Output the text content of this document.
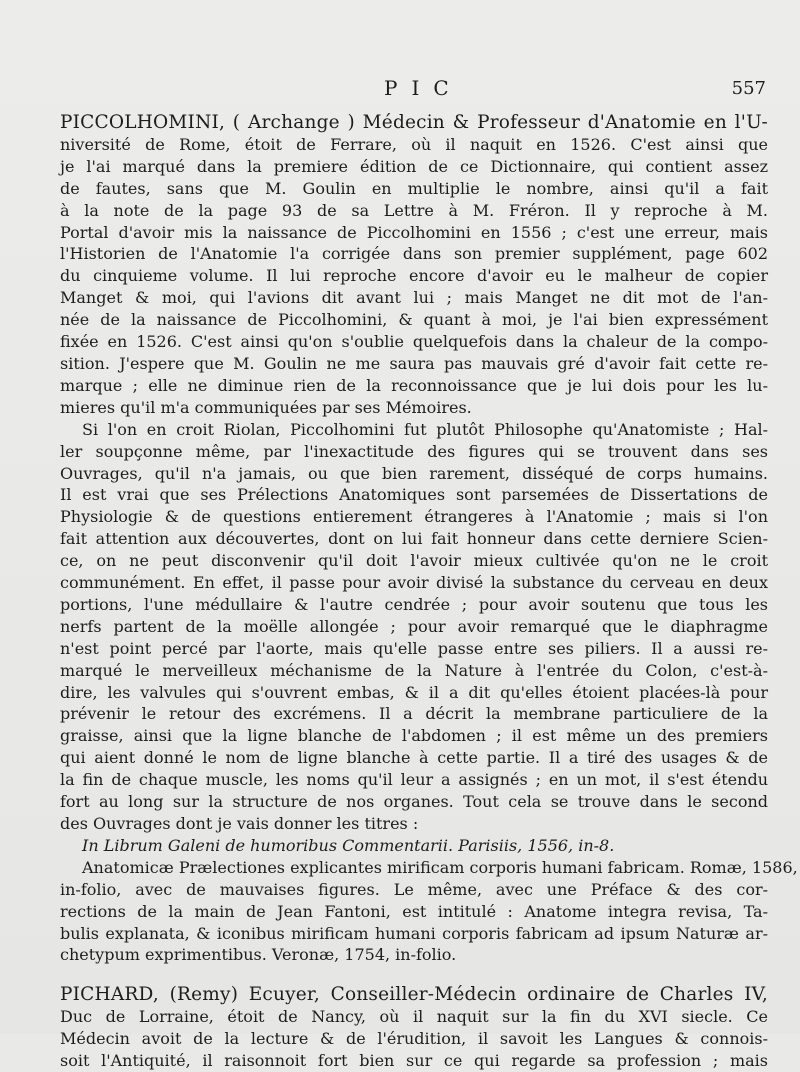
PIC	557
PICCOLHOMINI, ( Archange ) Médecin & Professeur d'Anatomie en l'U-
niversité de Rome, étoit de Ferrare, où il naquit en 1526. C'est ainsi que
je l'ai marqué dans la premiere édition de ce Dictionnaire, qui contient assez
de fautes, sans que M. Goulin en multiplie le nombre, ainsi qu'il a fait
à la note de la page 93 de sa Lettre à M. Fréron. Il y reproche à M.
Portal d'avoir mis la naissance de Piccolhomini en 1556 ; c'est une erreur, mais
l'Historien de l'Anatomie l'a corrigée dans son premier supplément, page 602
du cinquieme volume. Il lui reproche encore d'avoir eu le malheur de copier
Manget & moi, qui l'avions dit avant lui ; mais Manget ne dit mot de l'an-
née de la naissance de Piccolhomini, & quant à moi, je l'ai bien expressément
fixée en 1526. C'est ainsi qu'on s'oublie quelquefois dans la chaleur de la compo-
sition. J'espere que M. Goulin ne me saura pas mauvais gré d'avoir fait cette re-
marque ; elle ne diminue rien de la reconnoissance que je lui dois pour les lu-
mieres qu'il m'a communiquées par ses Mémoires.
Si l'on en croit Riolan, Piccolhomini fut plutôt Philosophe qu'Anatomiste ; Hal-
ler soupçonne même, par l'inexactitude des figures qui se trouvent dans ses
Ouvrages, qu'il n'a jamais, ou que bien rarement, disséqué de corps humains.
Il est vrai que ses Prélections Anatomiques sont parsemées de Dissertations de
Physiologie & de questions entierement étrangeres à l'Anatomie ; mais si l'on
fait attention aux découvertes, dont on lui fait honneur dans cette derniere Scien-
ce, on ne peut disconvenir qu'il doit l'avoir mieux cultivée qu'on ne le croit
communément. En effet, il passe pour avoir divisé la substance du cerveau en deux
portions, l'une médullaire & l'autre cendrée ; pour avoir soutenu que tous les
nerfs partent de la moëlle allongée ; pour avoir remarqué que le diaphragme
n'est point percé par l'aorte, mais qu'elle passe entre ses piliers. Il a aussi re-
marqué le merveilleux méchanisme de la Nature à l'entrée du Colon, c'est-à-
dire, les valvules qui s'ouvrent embas, & il a dit qu'elles étoient placées-là pour
prévenir le retour des excrémens. Il a décrit la membrane particuliere de la
graisse, ainsi que la ligne blanche de l'abdomen ; il est même un des premiers
qui aient donné le nom de ligne blanche à cette partie. Il a tiré des usages & de
la fin de chaque muscle, les noms qu'il leur a assignés ; en un mot, il s'est étendu
fort au long sur la structure de nos organes. Tout cela se trouve dans le second
des Ouvrages dont je vais donner les titres :
In Librum Galeni de humoribus Commentarii. Parisiis, 1556, in-8.
Anatomicæ Prælectiones explicantes mirificam corporis humani fabricam. Romæ, 1586,
in-folio, avec de mauvaises figures. Le même, avec une Préface & des cor-
rections de la main de Jean Fantoni, est intitulé : Anatome integra revisa, Ta-
bulis explanata, & iconibus mirificam humani corporis fabricam ad ipsum Naturæ ar-
chetypum exprimentibus. Veronæ, 1754, in-folio.
PICHARD, (Remy) Ecuyer, Conseiller-Médecin ordinaire de Charles IV,
Duc de Lorraine, étoit de Nancy, où il naquit sur la fin du XVI siecle. Ce
Médecin avoit de la lecture & de l'érudition, il savoit les Langues & connois-
soit l'Antiquité, il raisonnoit fort bien sur ce qui regarde sa profession ; mais
